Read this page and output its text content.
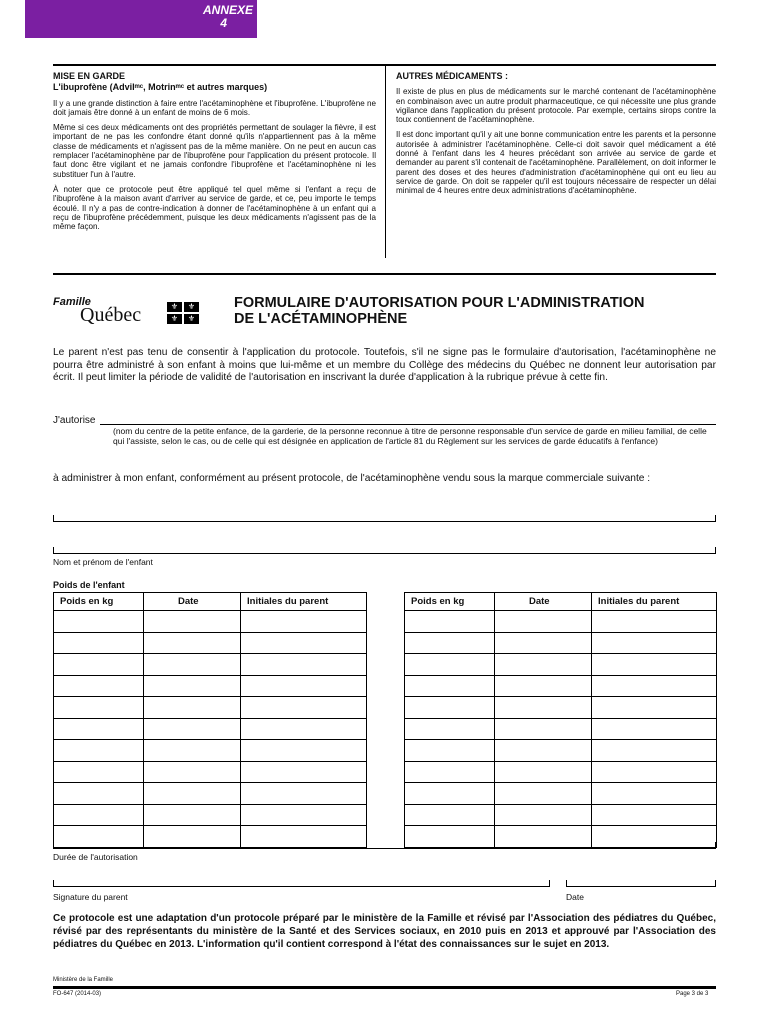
ANNEXE
4
MISE EN GARDE
L'ibuprofène (Advilᵐᶜ, Motrinᵐᶜ et autres marques)

Il y a une grande distinction à faire entre l'acétaminophène et l'ibuprofène. L'ibuprofène ne doit jamais être donné à un enfant de moins de 6 mois.

Même si ces deux médicaments ont des propriétés permettant de soulager la fièvre, il est important de ne pas les confondre étant donné qu'ils n'appartiennent pas à la même classe de médicaments et n'agissent pas de la même manière. On ne peut en aucun cas remplacer l'acétaminophène par de l'ibuprofène pour l'application du présent protocole. Il faut donc être vigilant et ne jamais confondre l'ibuprofène et l'acétaminophène ni les substituer l'un à l'autre.

À noter que ce protocole peut être appliqué tel quel même si l'enfant a reçu de l'ibuprofène à la maison avant d'arriver au service de garde, et ce, peu importe le temps écoulé. Il n'y a pas de contre-indication à donner de l'acétaminophène à un enfant qui a reçu de l'ibuprofène précédemment, puisque les deux médicaments n'agissent pas de la même façon.

AUTRES MÉDICAMENTS :

Il existe de plus en plus de médicaments sur le marché contenant de l'acétaminophène en combinaison avec un autre produit pharmaceutique, ce qui nécessite une plus grande vigilance dans l'application du présent protocole. Par exemple, certains sirops contre la toux contiennent de l'acétaminophène.

Il est donc important qu'il y ait une bonne communication entre les parents et la personne autorisée à administrer l'acétaminophène. Celle-ci doit savoir quel médicament a été donné à l'enfant dans les 4 heures précédant son arrivée au service de garde et demander au parent s'il contenait de l'acétaminophène. Parallèlement, on doit informer le parent des doses et des heures d'administration d'acétaminophène qui ont eu lieu au service de garde. On doit se rappeler qu'il est toujours nécessaire de respecter un délai minimal de 4 heures entre deux administrations d'acétaminophène.

Famille
Québec	⚜	⚜
⚜	⚜
FORMULAIRE D'AUTORISATION POUR L'ADMINISTRATION
DE L'ACÉTAMINOPHÈNE
Le parent n'est pas tenu de consentir à l'application du protocole. Toutefois, s'il ne signe pas le formulaire d'autorisation, l'acétaminophène ne pourra être administré à son enfant à moins que lui-même et un membre du Collège des médecins du Québec ne donnent leur autorisation par écrit. Il peut limiter la période de validité de l'autorisation en inscrivant la durée d'application à la rubrique prévue à cette fin.
J'autorise
(nom du centre de la petite enfance, de la garderie, de la personne reconnue à titre de personne responsable d'un service de garde en milieu familial, de celle qui l'assiste, selon le cas, ou de celle qui est désignée en application de l'article 81 du Règlement sur les services de garde éducatifs à l'enfance)
à administrer à mon enfant, conformément au présent protocole, de l'acétaminophène vendu sous la marque commerciale suivante :
Nom et prénom de l'enfant
Poids de l'enfant
Poids en kg	Date	Initiales du parent

			Poids en kg	Date	Initiales du parent

Durée de l'autorisation
Signature du parent	Date
Ce protocole est une adaptation d'un protocole préparé par le ministère de la Famille et révisé par l'Association des pédiatres du Québec, révisé par des représentants du ministère de la Santé et des Services sociaux, en 2010 puis en 2013 et approuvé par l'Association des pédiatres du Québec en 2013. L'information qu'il contient correspond à l'état des connaissances sur le sujet en 2013.
Ministère de la Famille
FO-647 (2014-03)	Page 3 de 3
